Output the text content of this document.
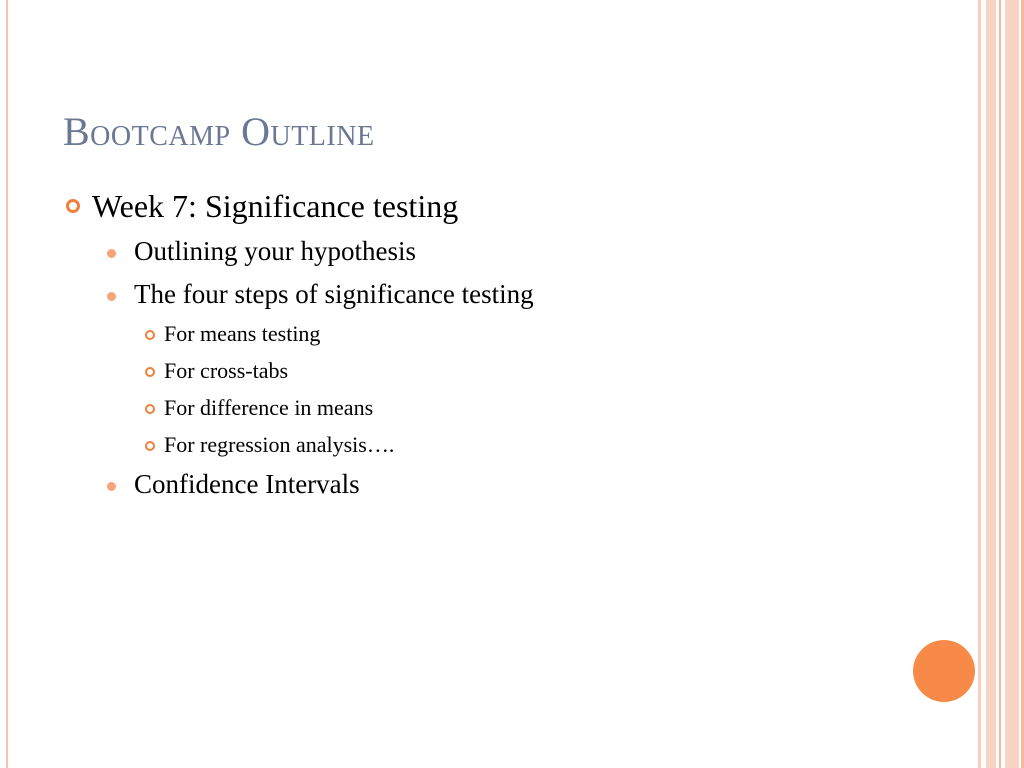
Bootcamp Outline
Week 7: Significance testing
Outlining your hypothesis
The four steps of significance testing
For means testing
For cross-tabs
For difference in means
For regression analysis….
Confidence Intervals
